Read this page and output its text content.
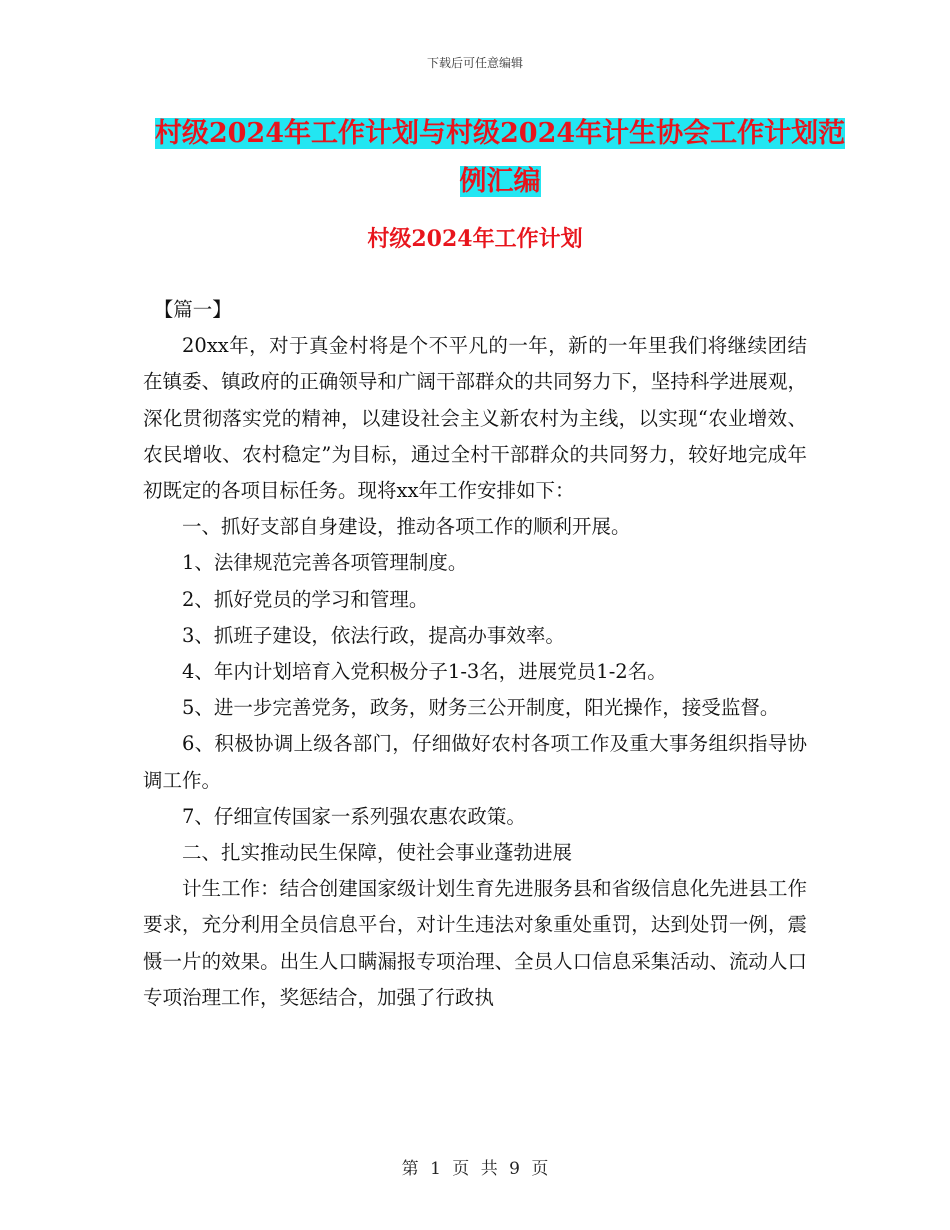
下载后可任意编辑
村级2024年工作计划与村级2024年计生协会工作计划范例汇编
村级2024年工作计划

【篇一】

20xx年，对于真金村将是个不平凡的一年，新的一年里我们将继续团结在镇委、镇政府的正确领导和广阔干部群众的共同努力下，坚持科学进展观，深化贯彻落实党的精神，以建设社会主义新农村为主线，以实现“农业增效、农民增收、农村稳定”为目标，通过全村干部群众的共同努力，较好地完成年初既定的各项目标任务。现将xx年工作安排如下：

一、抓好支部自身建设，推动各项工作的顺利开展。

1、法律规范完善各项管理制度。

2、抓好党员的学习和管理。

3、抓班子建设，依法行政，提高办事效率。

4、年内计划培育入党积极分子1-3名，进展党员1-2名。

5、进一步完善党务，政务，财务三公开制度，阳光操作，接受监督。

6、积极协调上级各部门，仔细做好农村各项工作及重大事务组织指导协调工作。

7、仔细宣传国家一系列强农惠农政策。

二、扎实推动民生保障，使社会事业蓬勃进展

计生工作：结合创建国家级计划生育先进服务县和省级信息化先进县工作要求，充分利用全员信息平台，对计生违法对象重处重罚，达到处罚一例，震慑一片的效果。出生人口瞒漏报专项治理、全员人口信息采集活动、流动人口专项治理工作，奖惩结合，加强了行政执

第 1 页 共 9 页
